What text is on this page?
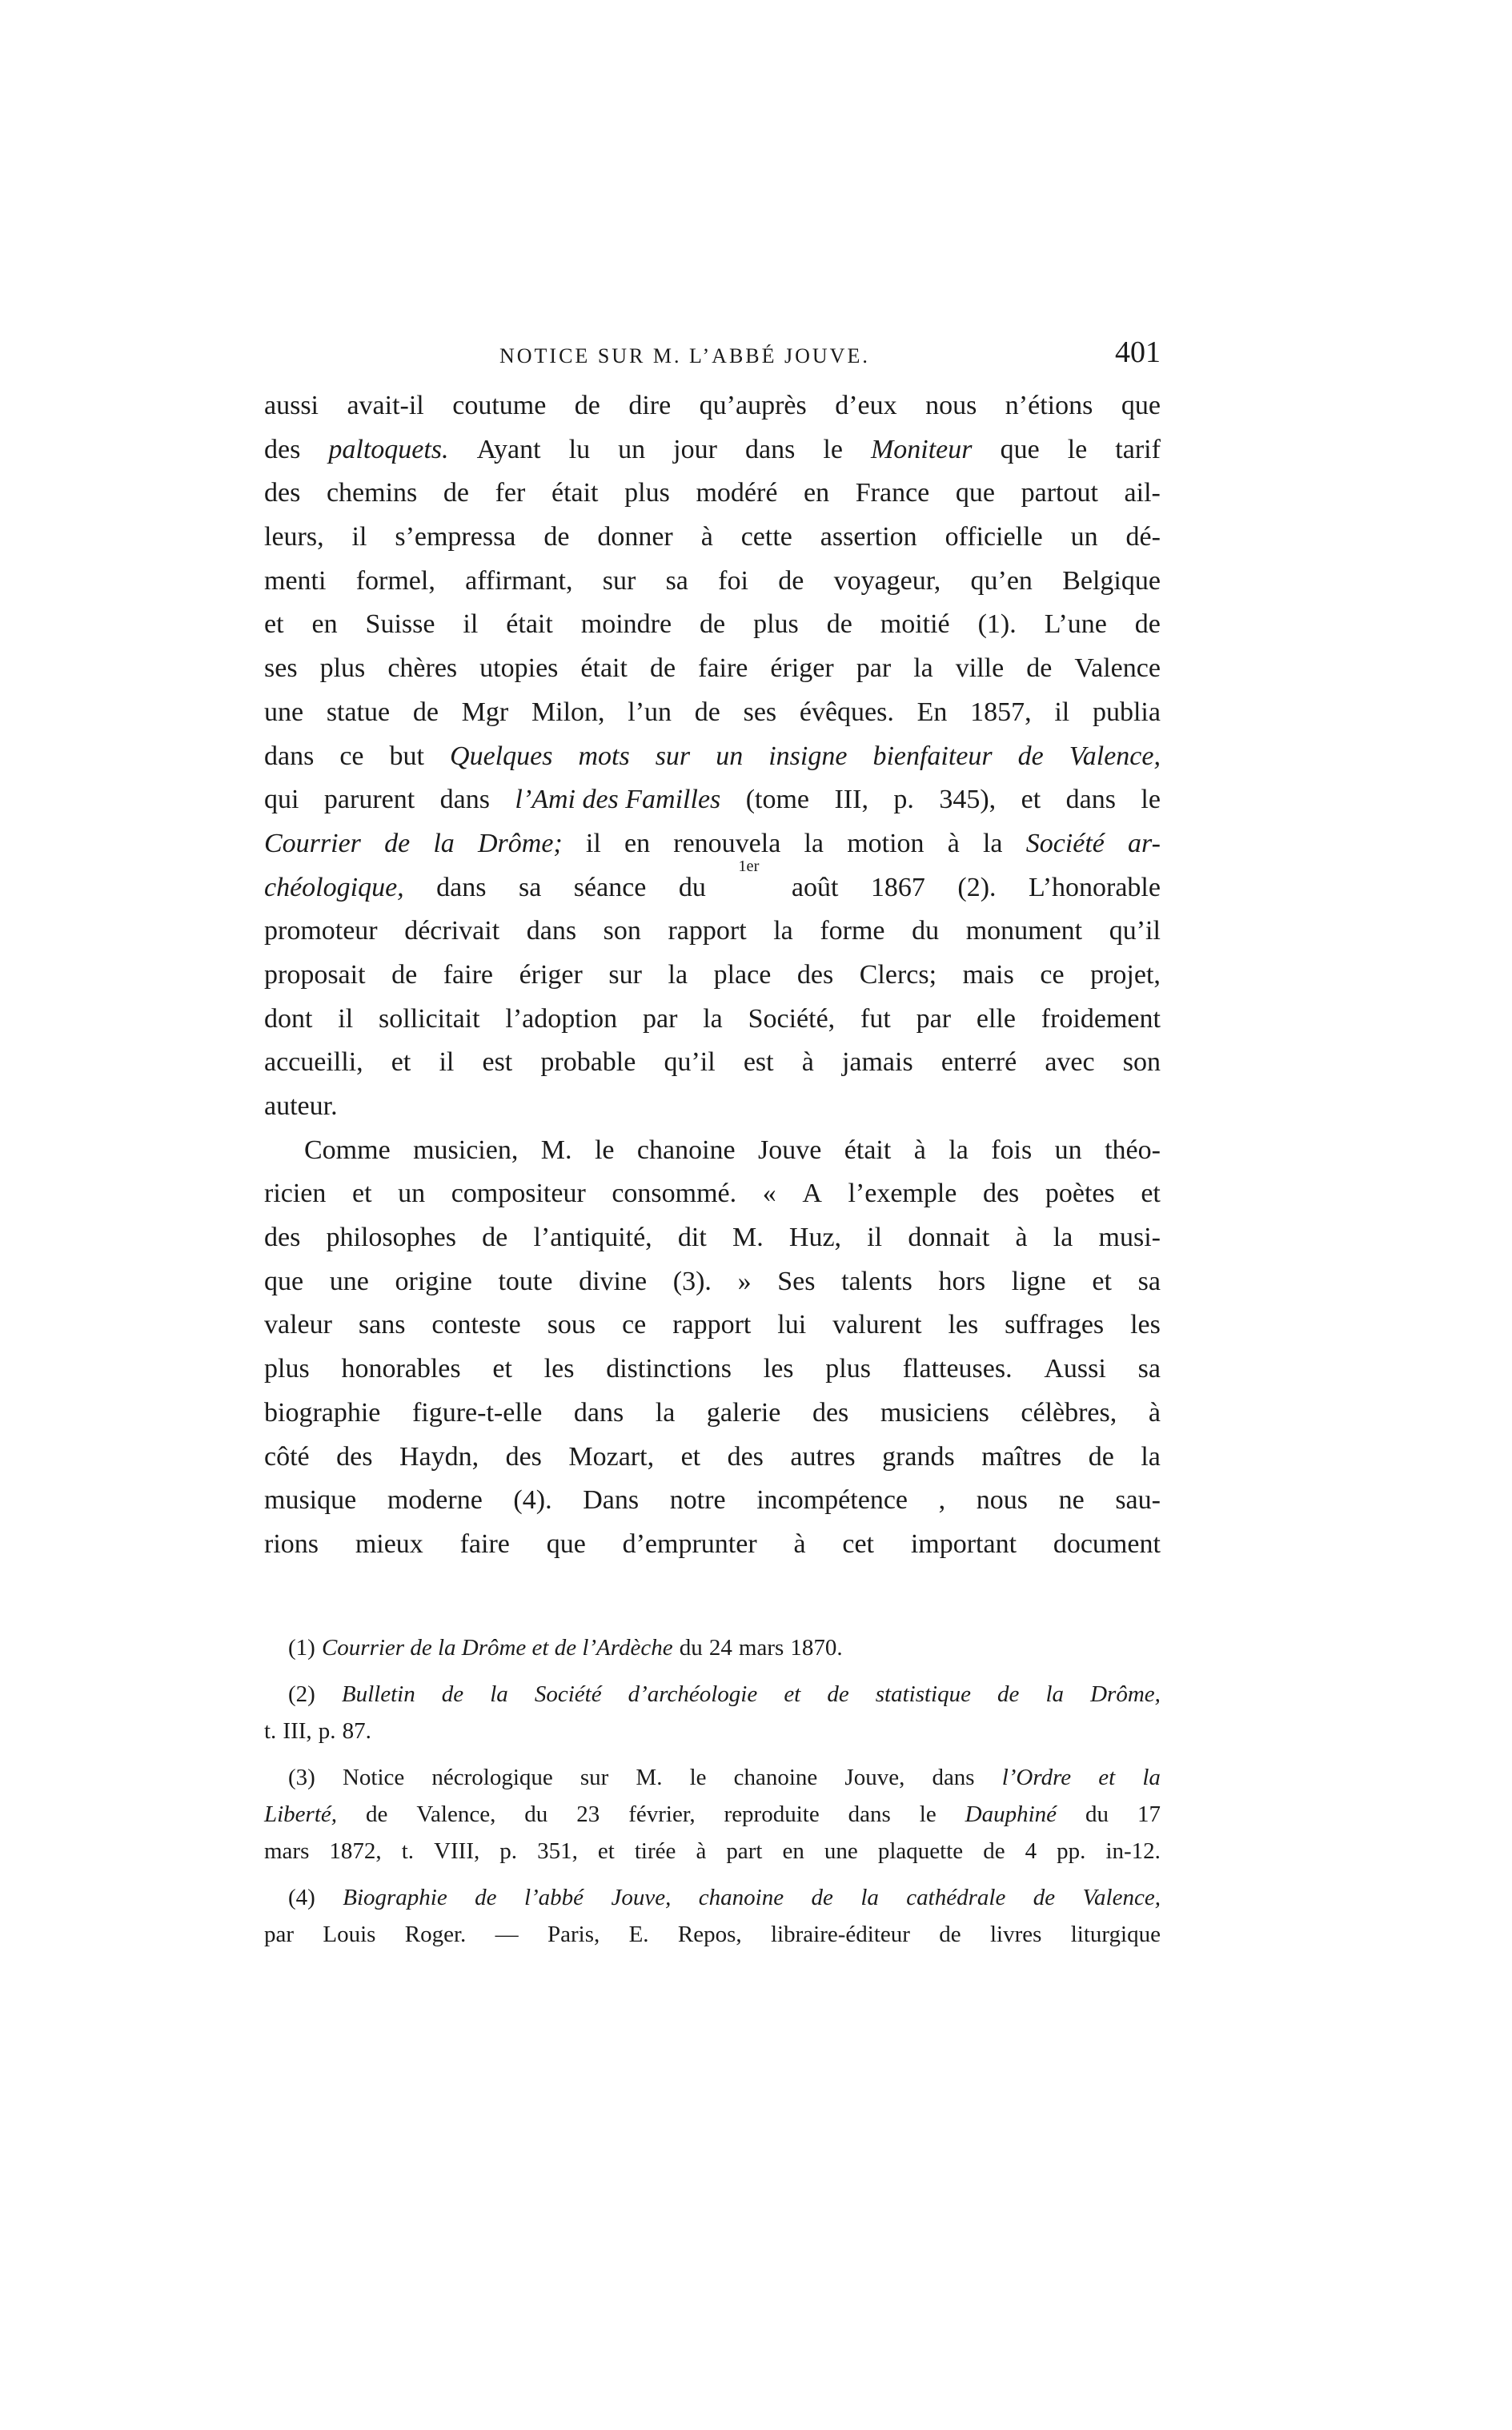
NOTICE SUR M. L’ABBÉ JOUVE.	401
aussi avait-il coutume de dire qu’auprès d’eux nous n’étions que
des paltoquets. Ayant lu un jour dans le Moniteur que le tarif
des chemins de fer était plus modéré en France que partout ail-
leurs, il s’empressa de donner à cette assertion officielle un dé-
menti formel, affirmant, sur sa foi de voyageur, qu’en Belgique
et en Suisse il était moindre de plus de moitié (1). L’une de
ses plus chères utopies était de faire ériger par la ville de Valence
une statue de Mgr Milon, l’un de ses évêques. En 1857, il publia
dans ce but Quelques mots sur un insigne bienfaiteur de Valence,
qui parurent dans l’Ami des Familles (tome III, p. 345), et dans le
Courrier de la Drôme; il en renouvela la motion à la Société ar-
chéologique, dans sa séance du
1er
août 1867 (2). L’honorable
promoteur décrivait dans son rapport la forme du monument qu’il
proposait de faire ériger sur la place des Clercs; mais ce projet,
dont il sollicitait l’adoption par la Société, fut par elle froidement
accueilli, et il est probable qu’il est à jamais enterré avec son
auteur.
Comme musicien, M. le chanoine Jouve était à la fois un théo-
ricien et un compositeur consommé. « A l’exemple des poètes et
des philosophes de l’antiquité, dit M. Huz, il donnait à la musi-
que une origine toute divine (3). » Ses talents hors ligne et sa
valeur sans conteste sous ce rapport lui valurent les suffrages les
plus honorables et les distinctions les plus flatteuses. Aussi sa
biographie figure-t-elle dans la galerie des musiciens célèbres, à
côté des Haydn, des Mozart, et des autres grands maîtres de la
musique moderne (4). Dans notre incompétence , nous ne sau-
rions mieux faire que d’emprunter à cet important document
(1) Courrier de la Drôme et de l’Ardèche du 24 mars 1870.
(2) Bulletin de la Société d’archéologie et de statistique de la Drôme,
t. III, p. 87.
(3) Notice nécrologique sur M. le chanoine Jouve, dans l’Ordre et la
Liberté, de Valence, du 23 février, reproduite dans le Dauphiné du 17
mars 1872, t. VIII, p. 351, et tirée à part en une plaquette de 4 pp. in-12.
(4) Biographie de l’abbé Jouve, chanoine de la cathédrale de Valence,
par Louis Roger. — Paris, E. Repos, libraire-éditeur de livres liturgique
